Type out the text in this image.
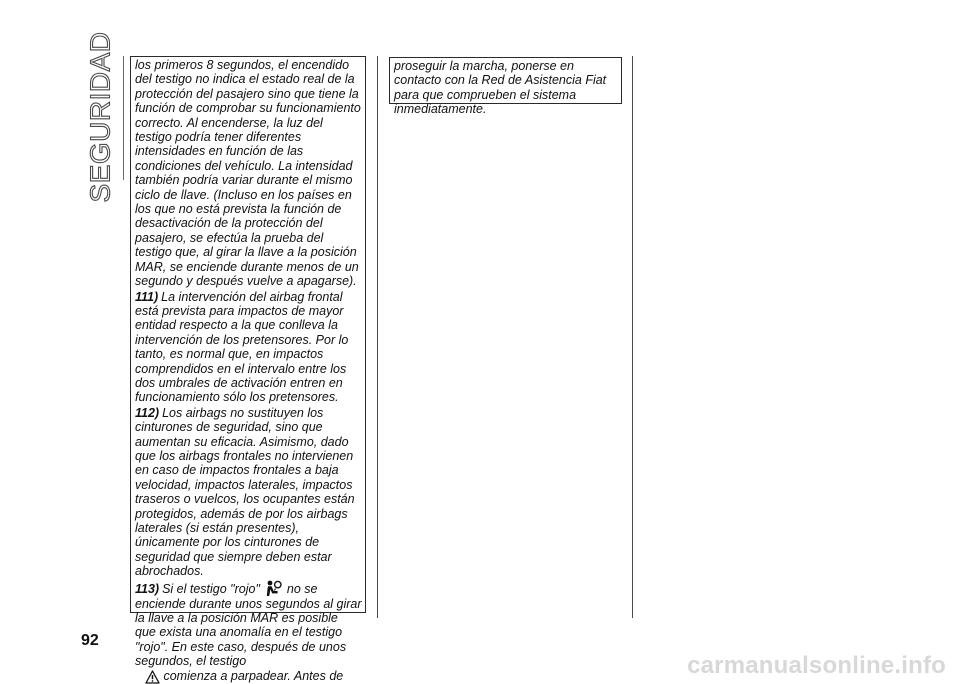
SEGURIDAD los primeros 8 segundos, el encendido del testigo no indica el estado real de la protección del pasajero sino que tiene la función de comprobar su funcionamiento correcto. Al encenderse, la luz del testigo podría tener diferentes intensidades en función de las condiciones del vehículo. La intensidad también podría variar durante el mismo ciclo de llave. (Incluso en los países en los que no está prevista la función de desactivación de la protección del pasajero, se efectúa la prueba del testigo que, al girar la llave a la posición MAR, se enciende durante menos de un segundo y después vuelve a apagarse).

111) La intervención del airbag frontal está prevista para impactos de mayor entidad respecto a la que conlleva la intervención de los pretensores. Por lo tanto, es normal que, en impactos comprendidos en el intervalo entre los dos umbrales de activación entren en funcionamiento sólo los pretensores.

112) Los airbags no sustituyen los cinturones de seguridad, sino que aumentan su eficacia. Asimismo, dado que los airbags frontales no intervienen en caso de impactos frontales a baja velocidad, impactos laterales, impactos traseros o vuelcos, los ocupantes están protegidos, además de por los airbags laterales (si están presentes), únicamente por los cinturones de seguridad que siempre deben estar abrochados.

113) Si el testigo "rojo" no se enciende durante unos segundos al girar la llave a la posición MAR es posible que exista una anomalía en el testigo "rojo". En este caso, después de unos segundos, el testigo

comienza a parpadear. Antes de

proseguir la marcha, ponerse en contacto con la Red de Asistencia Fiat para que comprueben el sistema inmediatamente.

92
carmanualsonline.info
